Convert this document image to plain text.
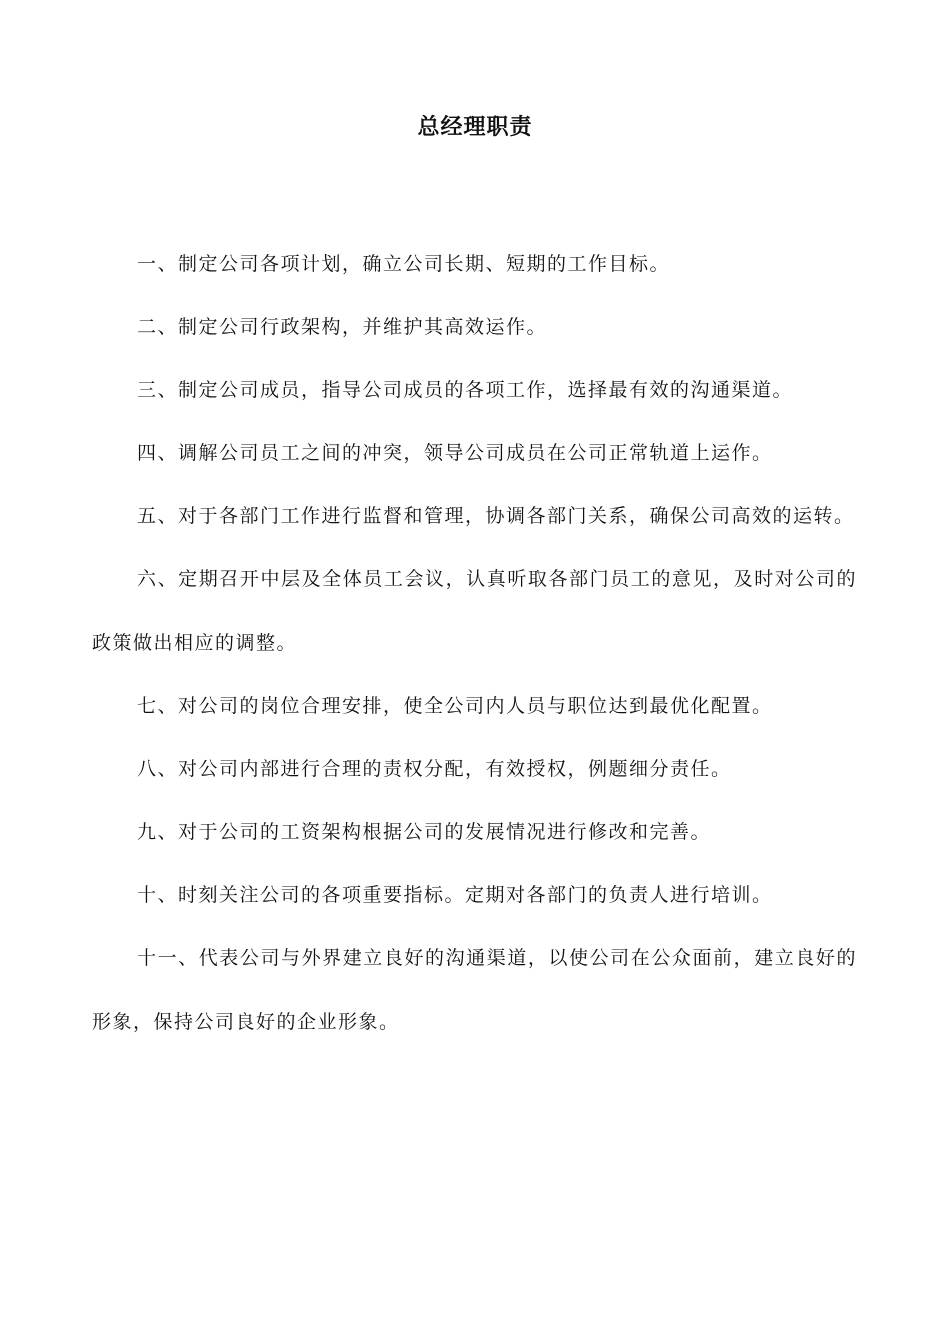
总经理职责

一、制定公司各项计划，确立公司长期、短期的工作目标。

二、制定公司行政架构，并维护其高效运作。

三、制定公司成员，指导公司成员的各项工作，选择最有效的沟通渠道。

四、调解公司员工之间的冲突，领导公司成员在公司正常轨道上运作。

五、对于各部门工作进行监督和管理，协调各部门关系，确保公司高效的运转。

六、定期召开中层及全体员工会议，认真听取各部门员工的意见，及时对公司的政策做出相应的调整。

七、对公司的岗位合理安排，使全公司内人员与职位达到最优化配置。

八、对公司内部进行合理的责权分配，有效授权，例题细分责任。

九、对于公司的工资架构根据公司的发展情况进行修改和完善。

十、时刻关注公司的各项重要指标。定期对各部门的负责人进行培训。

十一、代表公司与外界建立良好的沟通渠道，以使公司在公众面前，建立良好的形象，保持公司良好的企业形象。
